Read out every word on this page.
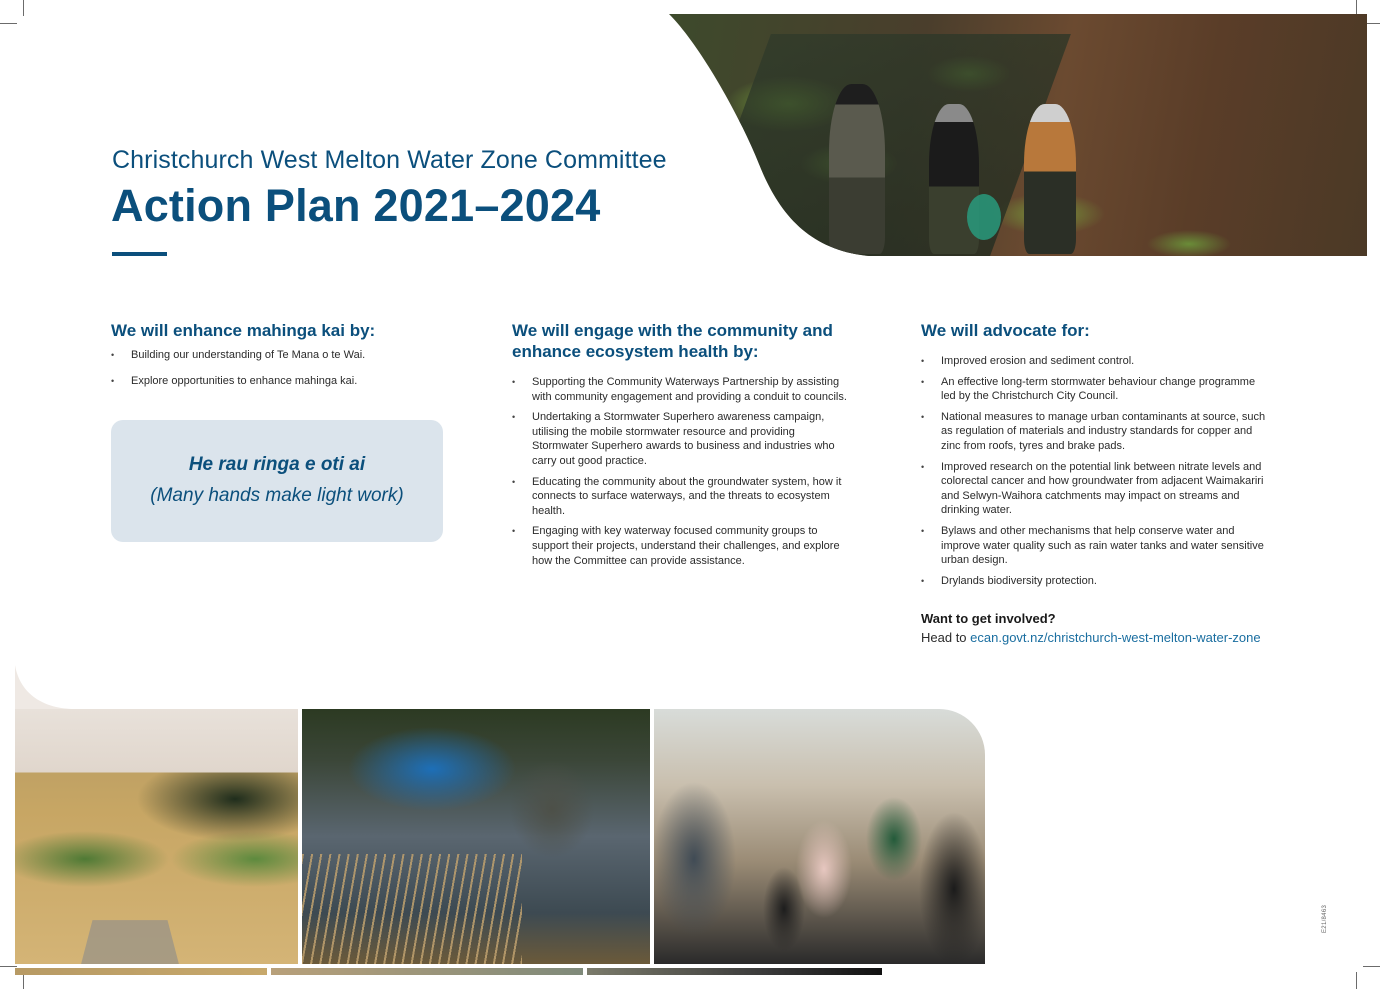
Christchurch West Melton Water Zone Committee
Action Plan 2021–2024
We will enhance mahinga kai by:
• Building our understanding of Te Mana o te Wai.
• Explore opportunities to enhance mahinga kai.
He rau ringa e oti ai
(Many hands make light work)
We will engage with the community and enhance ecosystem health by:
• Supporting the Community Waterways Partnership by assisting with community engagement and providing a conduit to councils.
• Undertaking a Stormwater Superhero awareness campaign, utilising the mobile stormwater resource and providing Stormwater Superhero awards to business and industries who carry out good practice.
• Educating the community about the groundwater system, how it connects to surface waterways, and the threats to ecosystem health.
• Engaging with key waterway focused community groups to support their projects, understand their challenges, and explore how the Committee can provide assistance.
We will advocate for:
• Improved erosion and sediment control.
• An effective long-term stormwater behaviour change programme led by the Christchurch City Council.
• National measures to manage urban contaminants at source, such as regulation of materials and industry standards for copper and zinc from roofs, tyres and brake pads.
• Improved research on the potential link between nitrate levels and colorectal cancer and how groundwater from adjacent Waimakariri and Selwyn-Waihora catchments may impact on streams and drinking water.
• Bylaws and other mechanisms that help conserve water and improve water quality such as rain water tanks and water sensitive urban design.
• Drylands biodiversity protection.
Want to get involved?
Head to ecan.govt.nz/christchurch-west-melton-water-zone
E21/8463
